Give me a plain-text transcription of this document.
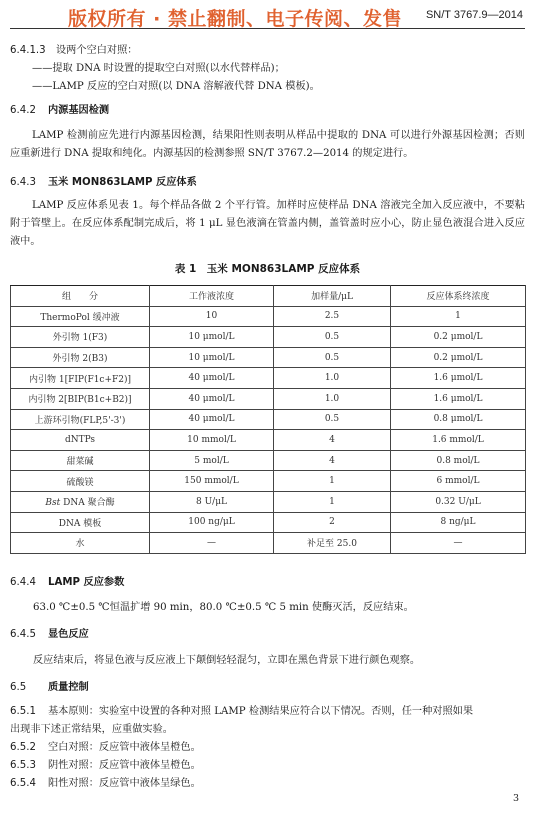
版权所有 · 禁止翻制、电子传阅、发售 SN/T 3767.9—2014
6.4.1.3 设两个空白对照：
——提取 DNA 时设置的提取空白对照(以水代替样品)；
——LAMP 反应的空白对照(以 DNA 溶解液代替 DNA 模板)。
6.4.2 内源基因检测
LAMP 检测前应先进行内源基因检测，结果阳性则表明从样品中提取的 DNA 可以进行外源基因检测；否则应重新进行 DNA 提取和纯化。内源基因的检测参照 SN/T 3767.2—2014 的规定进行。
6.4.3 玉米 MON863LAMP 反应体系
LAMP 反应体系见表 1。每个样品各做 2 个平行管。加样时应使样品 DNA 溶液完全加入反应液中，不要粘附于管壁上。在反应体系配制完成后，将 1 μL 显色液滴在管盖内侧，盖管盖时应小心，防止显色液混合进入反应液中。
表 1　玉米 MON863LAMP 反应体系
组　　分	工作液浓度	加样量/μL	反应体系终浓度
ThermoPol 缓冲液	10	2.5	1
外引物 1(F3)	10 μmol/L	0.5	0.2 μmol/L
外引物 2(B3)	10 μmol/L	0.5	0.2 μmol/L
内引物 1[FIP(F1c+F2)]	40 μmol/L	1.0	1.6 μmol/L
内引物 2[BIP(B1c+B2)]	40 μmol/L	1.0	1.6 μmol/L
上游环引物(FLP,5'-3')	40 μmol/L	0.5	0.8 μmol/L
dNTPs	10 mmol/L	4	1.6 mmol/L
甜菜碱	5 mol/L	4	0.8 mol/L
硫酸镁	150 mmol/L	1	6 mmol/L
Bst DNA 聚合酶	8 U/μL	1	0.32 U/μL
DNA 模板	100 ng/μL	2	8 ng/μL
水	—	补足至 25.0	—
6.4.4 LAMP 反应参数
63.0 ℃±0.5 ℃恒温扩增 90 min，80.0 ℃±0.5 ℃ 5 min 使酶灭活，反应结束。
6.4.5 显色反应
反应结束后，将显色液与反应液上下颠倒轻轻混匀，立即在黑色背景下进行颜色观察。
6.5 质量控制
6.5.1 基本原则：实验室中设置的各种对照 LAMP 检测结果应符合以下情况。否则，任一种对照如果
出现非下述正常结果，应重做实验。
6.5.2 空白对照：反应管中液体呈橙色。
6.5.3 阴性对照：反应管中液体呈橙色。
6.5.4 阳性对照：反应管中液体呈绿色。
3
